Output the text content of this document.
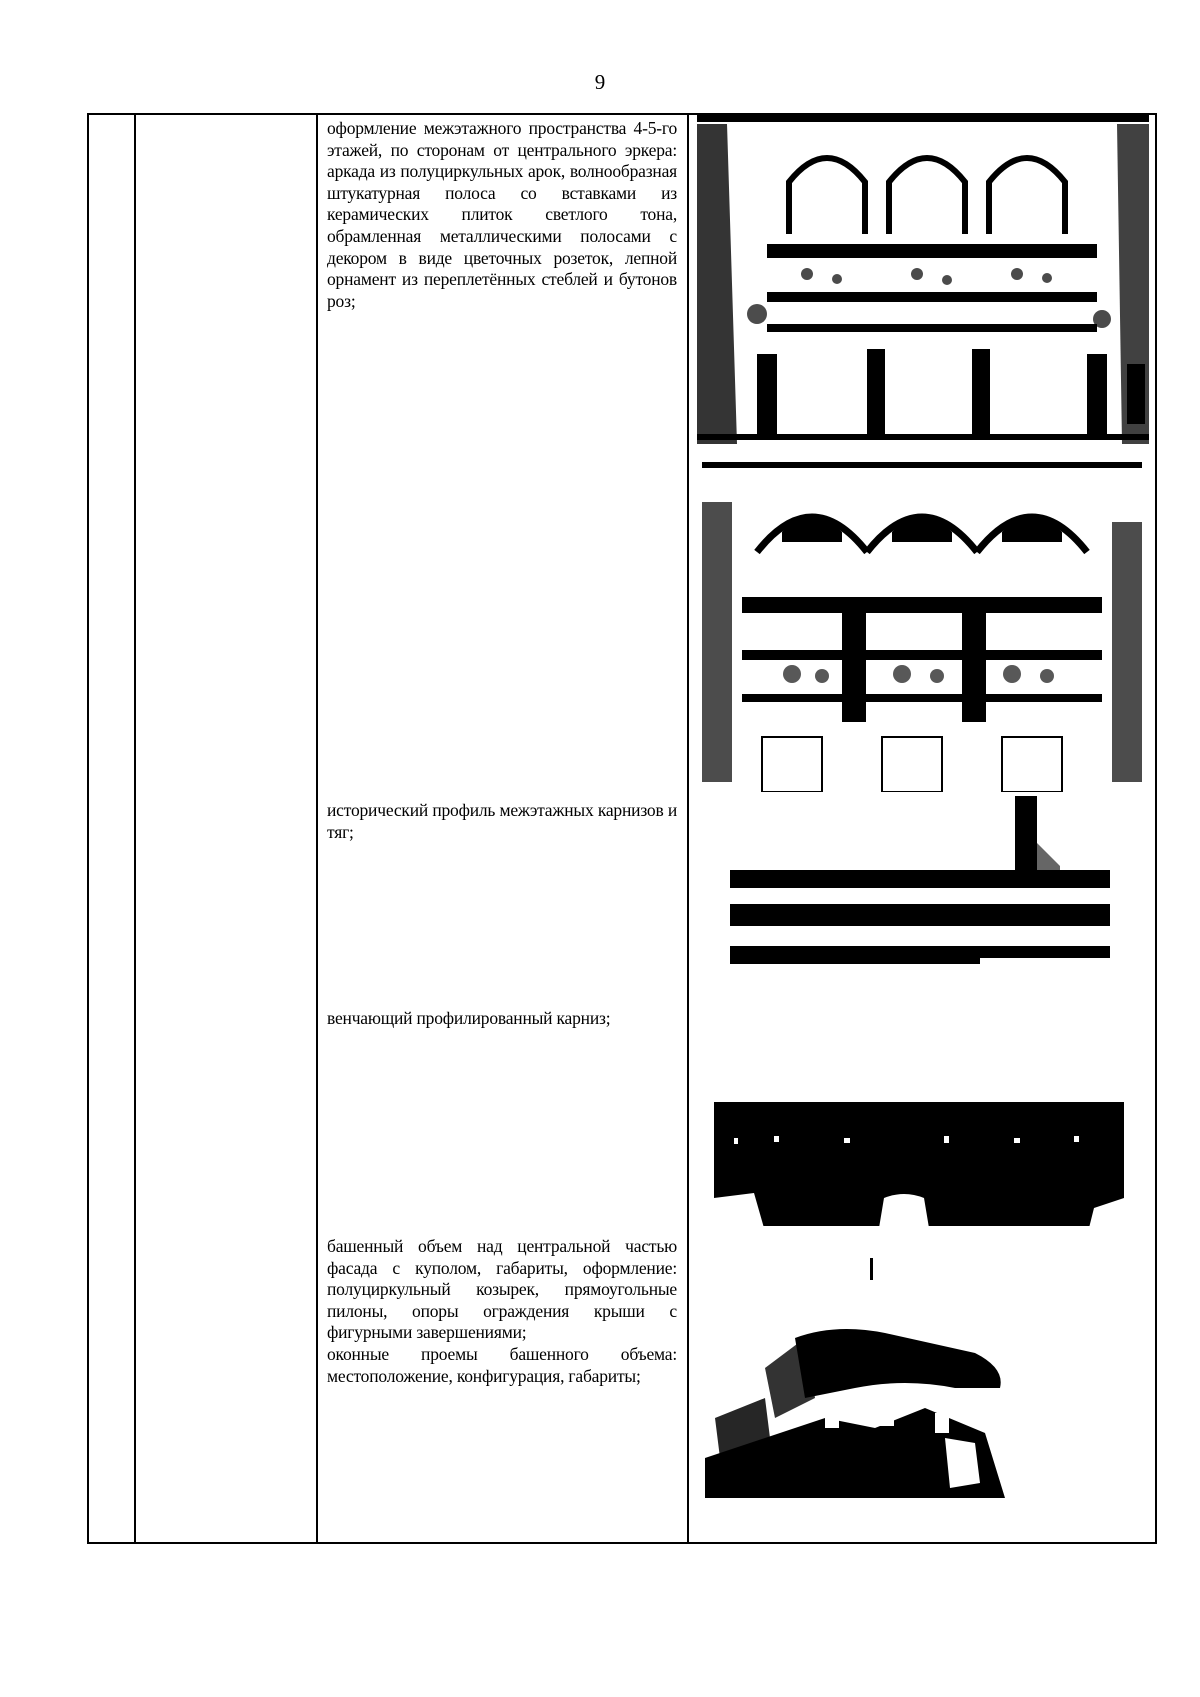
9

оформление межэтажного пространства 4-5-го этажей, по сторонам от центрального эркера: аркада из полуциркульных арок, волнообразная штукатурная полоса со вставками из керамических плиток светлого тона, обрамленная металлическими полосами с декором в виде цветочных розеток, лепной орнамент из переплетённых стеблей и бутонов роз;

исторический профиль межэтажных карнизов и тяг;

венчающий профилированный карниз;

башенный объем над центральной частью фасада с куполом, габариты, оформление: полуциркульный козырек, прямоугольные пилоны, опоры ограждения крыши с фигурными завершениями;

оконные проемы башенного объема: местоположение, конфигурация, габариты;
